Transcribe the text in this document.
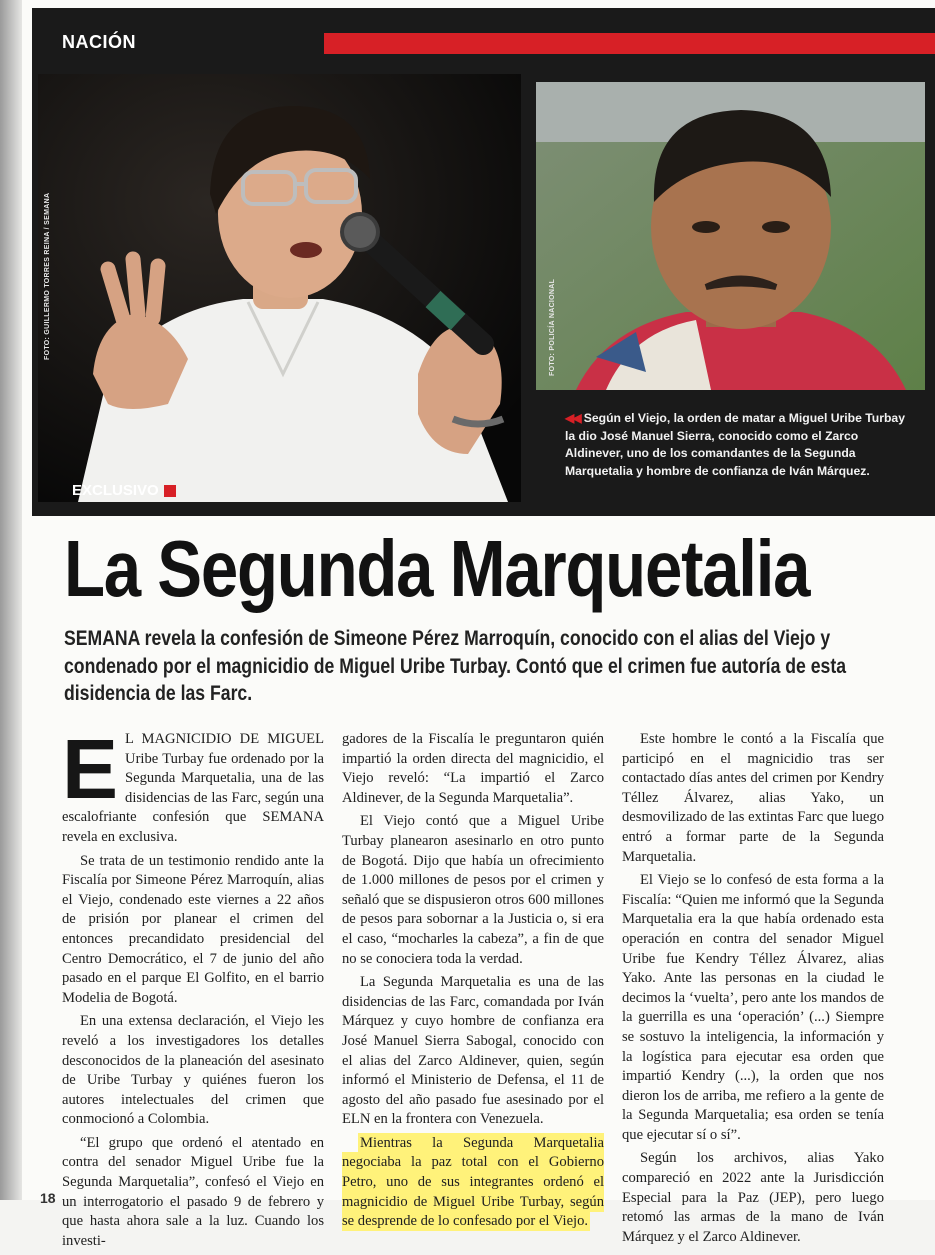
NACIÓN
FOTO: GUILLERMO TORRES REINA / SEMANA	FOTO: POLICÍA NACIONAL
EXCLUSIVO
◀◀ Según el Viejo, la orden de matar a Miguel Uribe Turbay la dio José Manuel Sierra, conocido como el Zarco Aldinever, uno de los comandantes de la Segunda Marquetalia y hombre de confianza de Iván Márquez.
La Segunda Marquetalia
SEMANA revela la confesión de Simeone Pérez Marroquín, conocido con el alias del Viejo y condenado por el magnicidio de Miguel Uribe Turbay. Contó que el crimen fue autoría de esta disidencia de las Farc.

E L MAGNICIDIO DE MIGUEL Uribe Turbay fue ordenado por la Segunda Marquetalia, una de las disidencias de las Farc, según una escalofriante confesión que SEMANA revela en exclusiva.

Se trata de un testimonio rendido ante la Fiscalía por Simeone Pérez Marroquín, alias el Viejo, condenado este viernes a 22 años de prisión por planear el crimen del entonces precandidato presidencial del Centro Democrático, el 7 de junio del año pasado en el parque El Golfito, en el barrio Modelia de Bogotá.

En una extensa declaración, el Viejo les reveló a los investigadores los detalles desconocidos de la planeación del asesinato de Uribe Turbay y quiénes fueron los autores intelectuales del crimen que conmocionó a Colombia.

“El grupo que ordenó el atentado en contra del senador Miguel Uribe fue la Segunda Marquetalia”, confesó el Viejo en un interrogatorio el pasado 9 de febrero y que hasta ahora sale a la luz. Cuando los investi-

gadores de la Fiscalía le preguntaron quién impartió la orden directa del magnicidio, el Viejo reveló: “La impartió el Zarco Aldinever, de la Segunda Marquetalia”.

El Viejo contó que a Miguel Uribe Turbay planearon asesinarlo en otro punto de Bogotá. Dijo que había un ofrecimiento de 1.000 millones de pesos por el crimen y señaló que se dispusieron otros 600 millones de pesos para sobornar a la Justicia o, si era el caso, “mocharles la cabeza”, a fin de que no se conociera toda la verdad.

La Segunda Marquetalia es una de las disidencias de las Farc, comandada por Iván Márquez y cuyo hombre de confianza era José Manuel Sierra Sabogal, conocido con el alias del Zarco Aldinever, quien, según informó el Ministerio de Defensa, el 11 de agosto del año pasado fue asesinado por el ELN en la frontera con Venezuela.

Mientras la Segunda Marquetalia negociaba la paz total con el Gobierno Petro, uno de sus integrantes ordenó el magnicidio de Miguel Uribe Turbay, según se desprende de lo confesado por el Viejo.

Este hombre le contó a la Fiscalía que participó en el magnicidio tras ser contactado días antes del crimen por Kendry Téllez Álvarez, alias Yako, un desmovilizado de las extintas Farc que luego entró a formar parte de la Segunda Marquetalia.

El Viejo se lo confesó de esta forma a la Fiscalía: “Quien me informó que la Segunda Marquetalia era la que había ordenado esta operación en contra del senador Miguel Uribe fue Kendry Téllez Álvarez, alias Yako. Ante las personas en la ciudad le decimos la ‘vuelta’, pero ante los mandos de la guerrilla es una ‘operación’ (...) Siempre se sostuvo la inteligencia, la información y la logística para ejecutar esa orden que impartió Kendry (...), la orden que nos dieron los de arriba, me refiero a la gente de la Segunda Marquetalia; esa orden se tenía que ejecutar sí o sí”.

Según los archivos, alias Yako compareció en 2022 ante la Jurisdicción Especial para la Paz (JEP), pero luego retomó las armas de la mano de Iván Márquez y el Zarco Aldinever.

18
